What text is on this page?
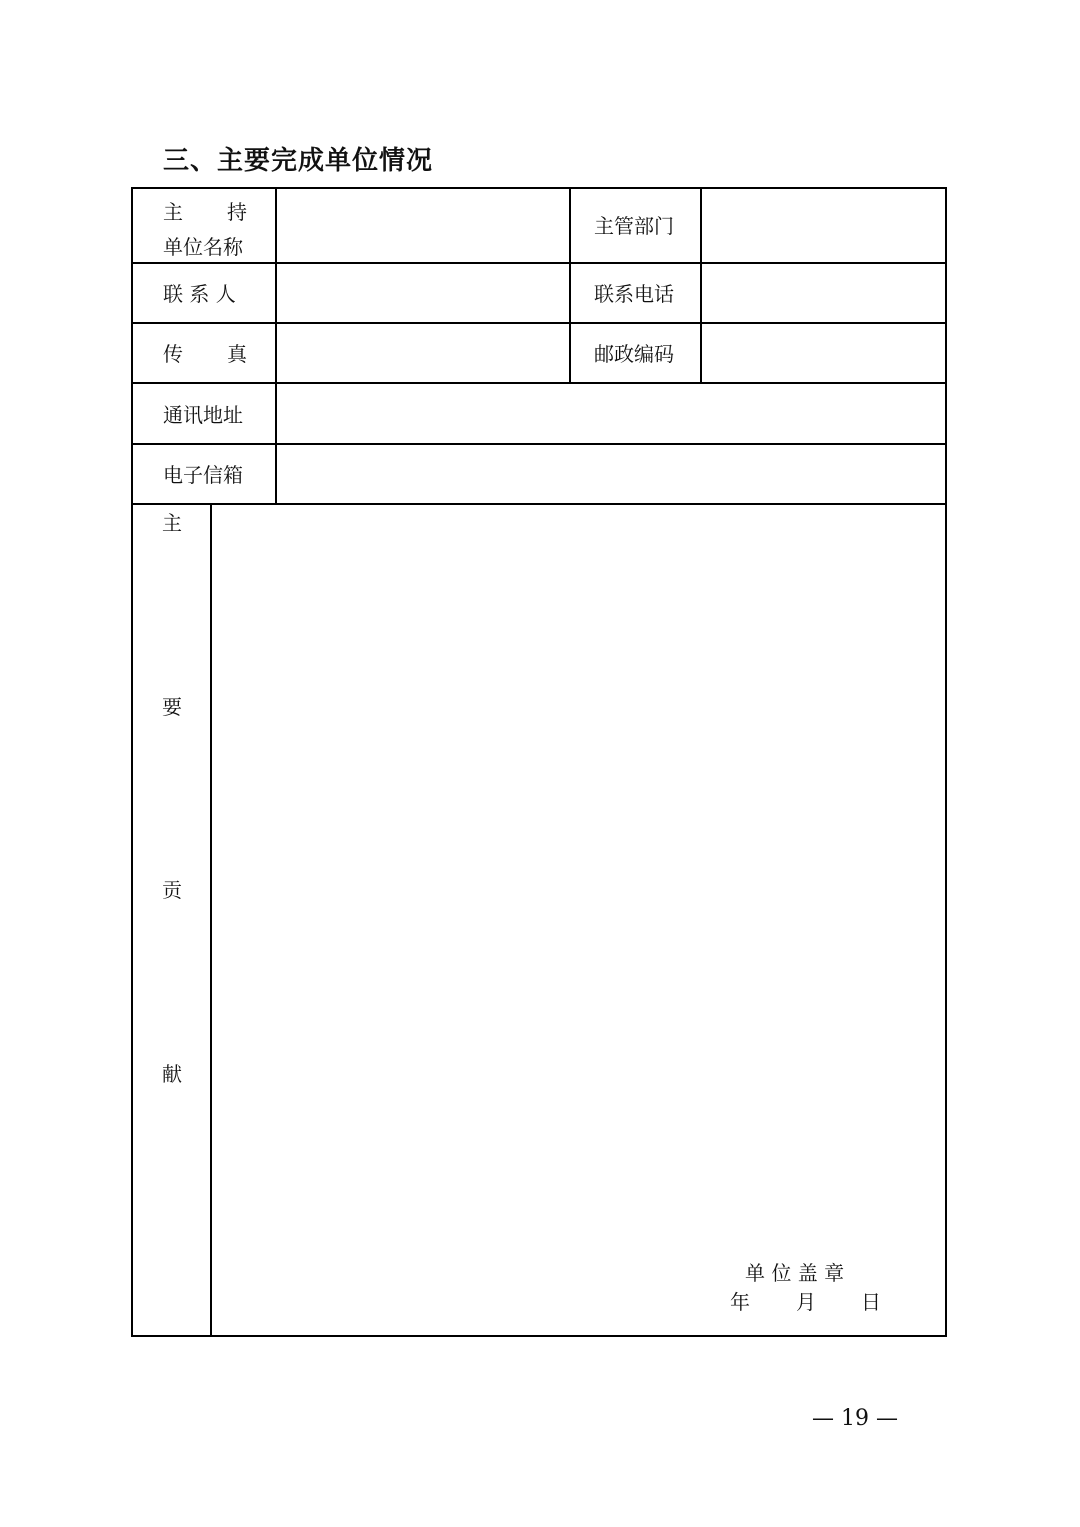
三、主要完成单位情况
主 持
单位名称
主管部门
联 系 人	联系电话
传 真	邮政编码
通讯地址
电子信箱
主
要
贡
献
单 位 盖 章
年 月 日
— 19 —
